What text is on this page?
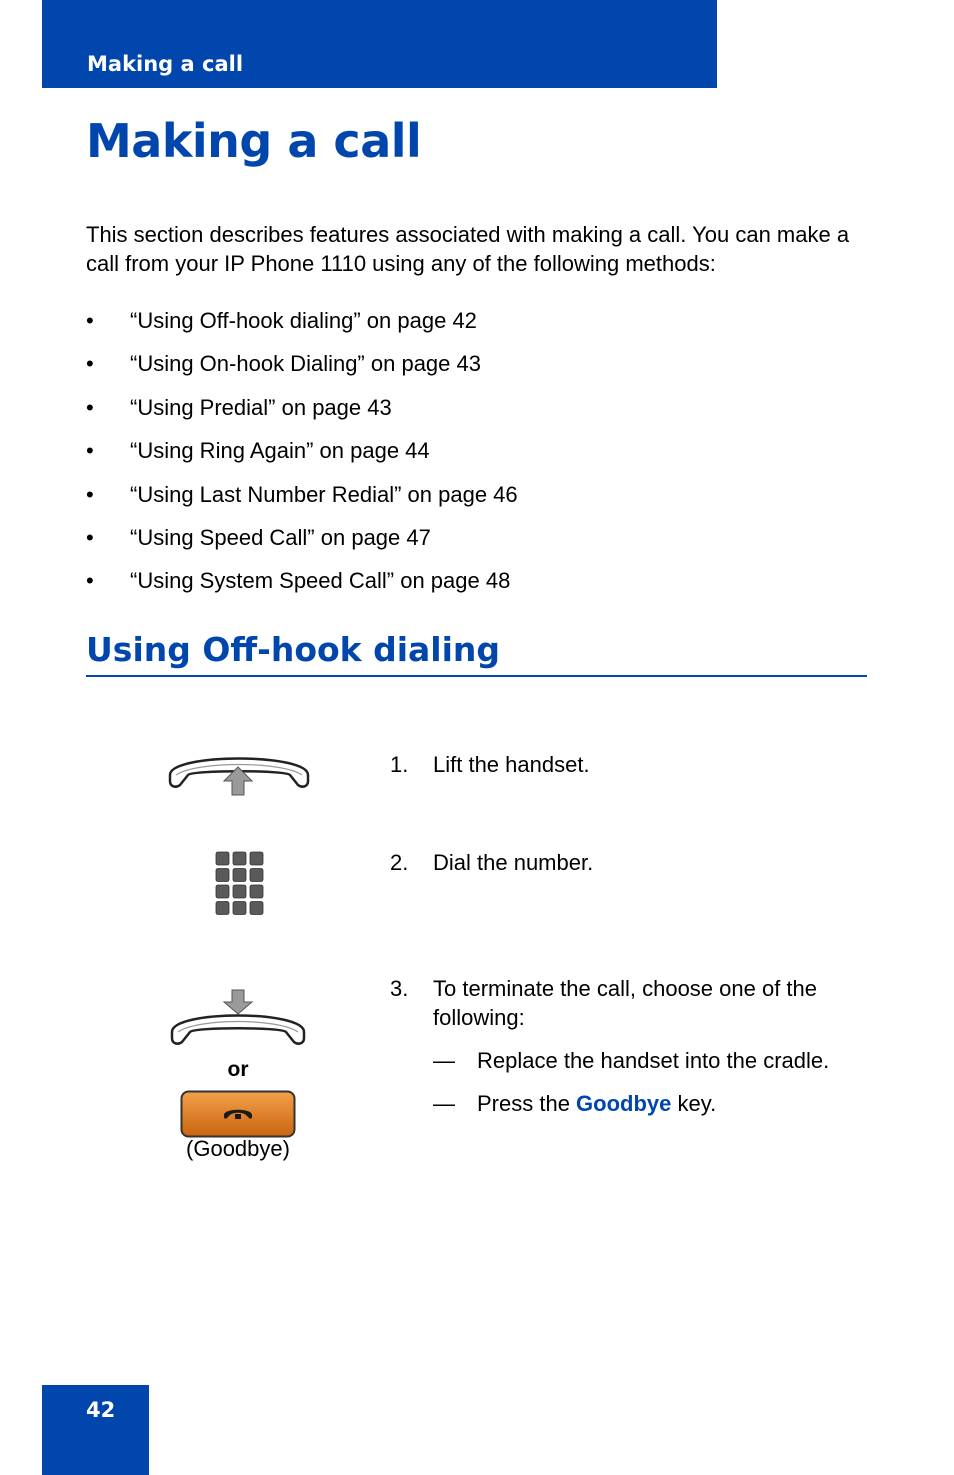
Making a call
Making a call

This section describes features associated with making a call. You can make a call from your IP Phone 1110 using any of the following methods:

• “Using Off-hook dialing” on page 42
• “Using On-hook Dialing” on page 43
• “Using Predial” on page 43
• “Using Ring Again” on page 44
• “Using Last Number Redial” on page 46
• “Using Speed Call” on page 47
• “Using System Speed Call” on page 48
Using Off-hook dialing
1.	Lift the handset.
2.	Dial the number.
or
(Goodbye)
3.	To terminate the call, choose one of the following:
—	Replace the handset into the cradle.
—	Press the Goodbye key.
42
